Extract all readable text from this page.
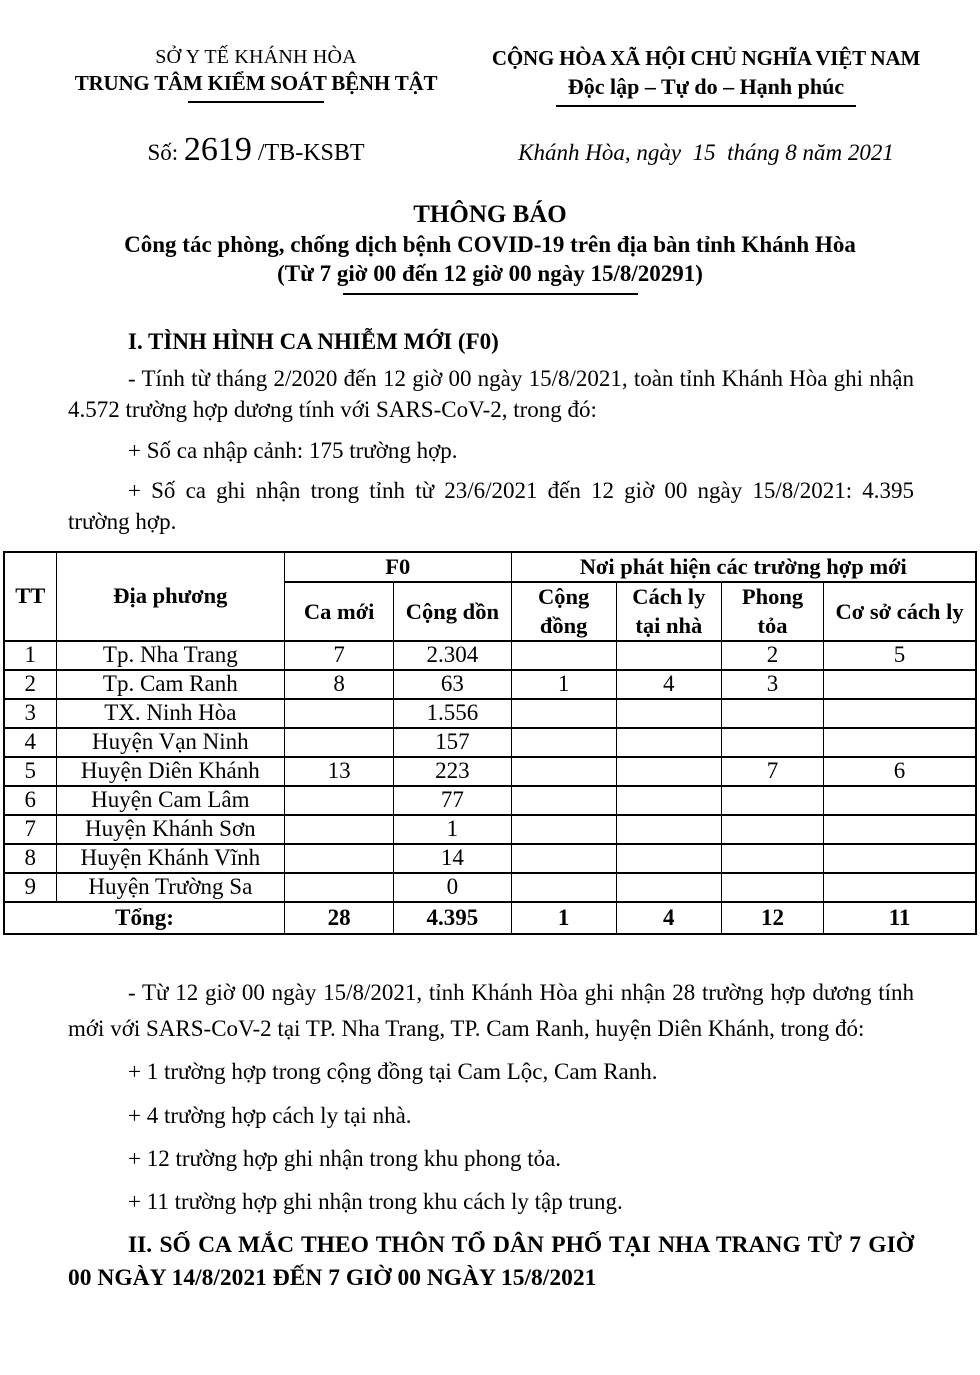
SỞ Y TẾ KHÁNH HÒA
TRUNG TÂM KIỂM SOÁT BỆNH TẬT
CỘNG HÒA XÃ HỘI CHỦ NGHĨA VIỆT NAM
Độc lập – Tự do – Hạnh phúc
Số: 2619 /TB-KSBT	Khánh Hòa, ngày  15  tháng 8 năm 2021
THÔNG BÁO
Công tác phòng, chống dịch bệnh COVID-19 trên địa bàn tỉnh Khánh Hòa
(Từ 7 giờ 00 đến 12 giờ 00 ngày 15/8/20291)
I. TÌNH HÌNH CA NHIỄM MỚI (F0)

- Tính từ tháng 2/2020 đến 12 giờ 00 ngày 15/8/2021, toàn tỉnh Khánh Hòa ghi nhận 4.572 trường hợp dương tính với SARS-CoV-2, trong đó:

+ Số ca nhập cảnh: 175 trường hợp.

+ Số ca ghi nhận trong tỉnh từ 23/6/2021 đến 12 giờ 00 ngày 15/8/2021: 4.395 trường hợp.

TT	Địa phương	F0		Nơi phát hiện các trường hợp mới			
		Ca mới	Cộng dồn	Cộng đồng	Cách ly tại nhà	Phong tỏa	Cơ sở cách ly
1	Tp. Nha Trang	7	2.304			2	5
2	Tp. Cam Ranh	8	63	1	4	3	
3	TX. Ninh Hòa		1.556				
4	Huyện Vạn Ninh		157				
5	Huyện Diên Khánh	13	223			7	6
6	Huyện Cam Lâm		77				
7	Huyện Khánh Sơn		1				
8	Huyện Khánh Vĩnh		14				
9	Huyện Trường Sa		0				
Tổng:		28	4.395	1	4	12	11

- Từ 12 giờ 00 ngày 15/8/2021, tỉnh Khánh Hòa ghi nhận 28 trường hợp dương tính mới với SARS-CoV-2 tại TP. Nha Trang, TP. Cam Ranh, huyện Diên Khánh, trong đó:

+ 1 trường hợp trong cộng đồng tại Cam Lộc, Cam Ranh.

+ 4 trường hợp cách ly tại nhà.

+ 12 trường hợp ghi nhận trong khu phong tỏa.

+ 11 trường hợp ghi nhận trong khu cách ly tập trung.

II. SỐ CA MẮC THEO THÔN TỔ DÂN PHỐ TẠI NHA TRANG TỪ 7 GIỜ 00 NGÀY 14/8/2021 ĐẾN 7 GIỜ 00 NGÀY 15/8/2021
